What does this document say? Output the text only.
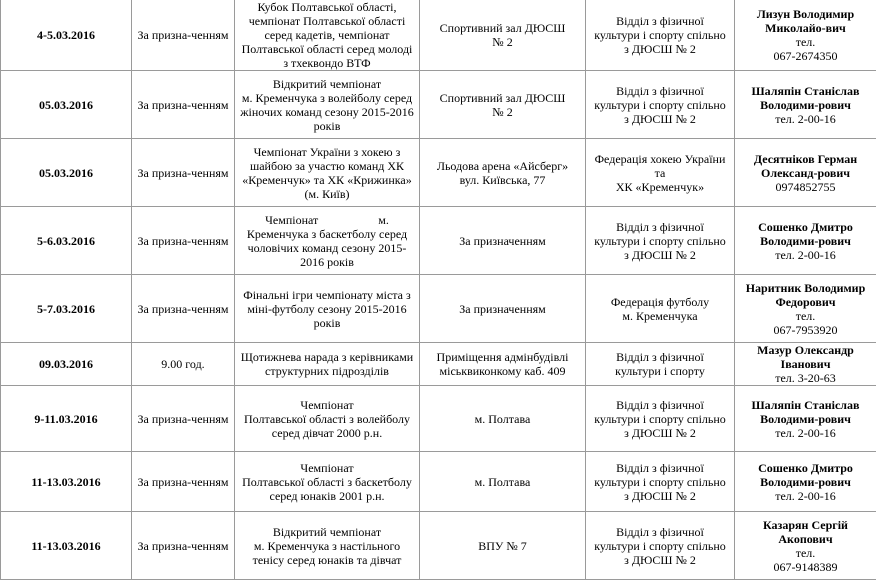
4-5.03.2016	За призна-ченням	Кубок Полтавської області,
чемпіонат Полтавської області
серед кадетів, чемпіонат
Полтавської області серед молоді
з тхеквондо ВТФ	Спортивний зал ДЮСШ
№ 2	Відділ з фізичної
культури і спорту спільно
з ДЮСШ № 2	Лизун Володимир
Миколайо-вич
тел.
067-2674350

05.03.2016	За призна-ченням	Відкритий чемпіонат
м. Кременчука з волейболу серед
жіночих команд сезону 2015-2016
років	Спортивний зал ДЮСШ
№ 2	Відділ з фізичної
культури і спорту спільно
з ДЮСШ № 2	Шаляпін Станіслав
Володими-рович
тел. 2-00-16

05.03.2016	За призна-ченням	Чемпіонат України з хокею з
шайбою за участю команд ХК
«Кременчук» та ХК «Крижинка»
(м. Київ)	Льодова арена «Айсберг»
вул. Київська, 77	Федерація хокею України
та
ХК «Кременчук»	Десятніков Герман
Олександ-рович
0974852755

5-6.03.2016	За призна-ченням	Чемпіонат                    м.
Кременчука з баскетболу серед
чоловічих команд сезону 2015-
2016 років	За призначенням	Відділ з фізичної
культури і спорту спільно
з ДЮСШ № 2	Сошенко Дмитро
Володими-рович
тел. 2-00-16

5-7.03.2016	За призна-ченням	Фінальні ігри чемпіонату міста з
міні-футболу сезону 2015-2016
років	За призначенням	Федерація футболу
м. Кременчука	Наритник Володимир
Федорович
тел.
067-7953920

09.03.2016	9.00 год.	Щотижнева нарада з керівниками
структурних підрозділів	Приміщення адмінбудівлі
міськвиконкому каб. 409	Відділ з фізичної
культури і спорту	Мазур Олександр
Іванович
тел. 3-20-63

9-11.03.2016	За призна-ченням	Чемпіонат
Полтавської області з волейболу
серед дівчат 2000 р.н.	м. Полтава	Відділ з фізичної
культури і спорту спільно
з ДЮСШ № 2	Шаляпін Станіслав
Володими-рович
тел. 2-00-16

11-13.03.2016	За призна-ченням	Чемпіонат
Полтавської області з баскетболу
серед юнаків 2001 р.н.	м. Полтава	Відділ з фізичної
культури і спорту спільно
з ДЮСШ № 2	Сошенко Дмитро
Володими-рович
тел. 2-00-16

11-13.03.2016	За призна-ченням	Відкритий чемпіонат
м. Кременчука з настільного
тенісу серед юнаків та дівчат	ВПУ № 7	Відділ з фізичної
культури і спорту спільно
з ДЮСШ № 2	Казарян Сергій
Акопович
тел.
067-9148389
